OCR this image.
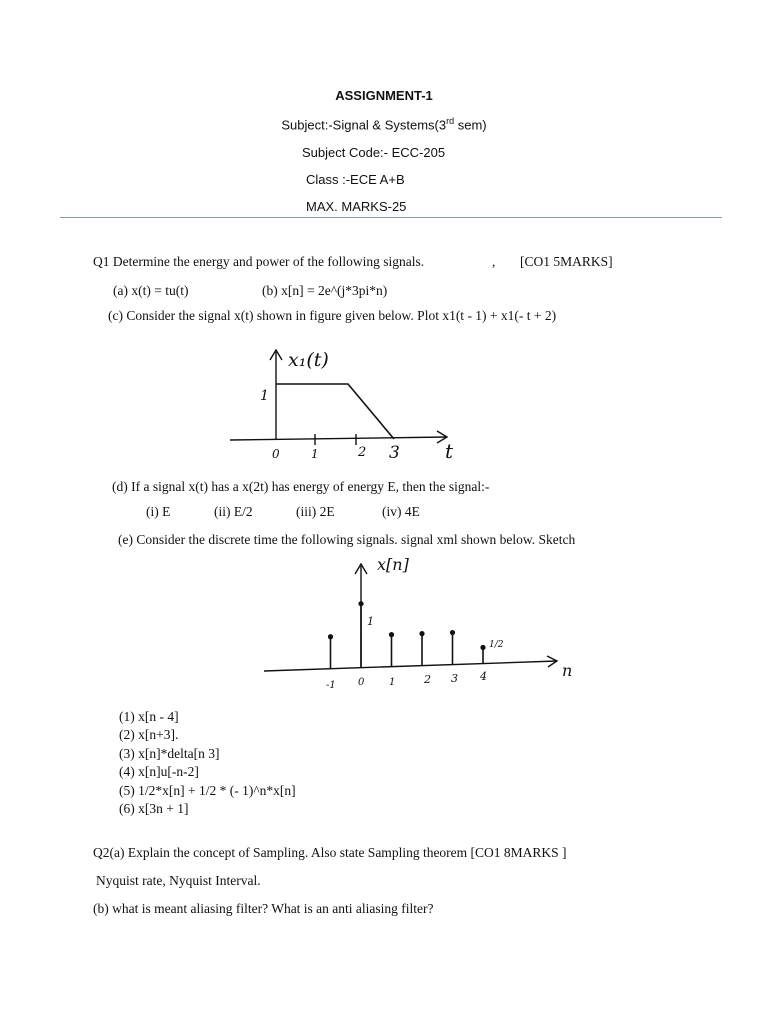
ASSIGNMENT-1
Subject:-Signal & Systems(3rd sem)
Subject Code:- ECC-205
Class :-ECE A+B
MAX. MARKS-25
Q1 Determine the energy and power of the following signals.	, [CO1 5MARKS]
(a) x(t) = tu(t)	(b) x[n] = 2e^(j*3pi*n)
(c) Consider the signal x(t) shown in figure given below. Plot x1(t - 1) + x1(- t + 2)
x₁(t)
1
t
0	1	2 3
(d) If a signal x(t) has a x(2t) has energy of energy E, then the signal:-
(i) E	(ii) E/2	(iii) 2E	(iv) 4E
(e) Consider the discrete time the following signals. signal xml shown below. Sketch
x[n]
n
1
1/2
-1 0 1	2 3 4
(1) x[n - 4]
(2) x[n+3].
(3) x[n]*delta[n 3]
(4) x[n]u[-n-2]
(5) 1/2*x[n] + 1/2 * (- 1)^n*x[n]
(6) x[3n + 1]
Q2(a) Explain the concept of Sampling. Also state Sampling theorem [CO1 8MARKS ]
Nyquist rate, Nyquist Interval.
(b) what is meant aliasing filter? What is an anti aliasing filter?
